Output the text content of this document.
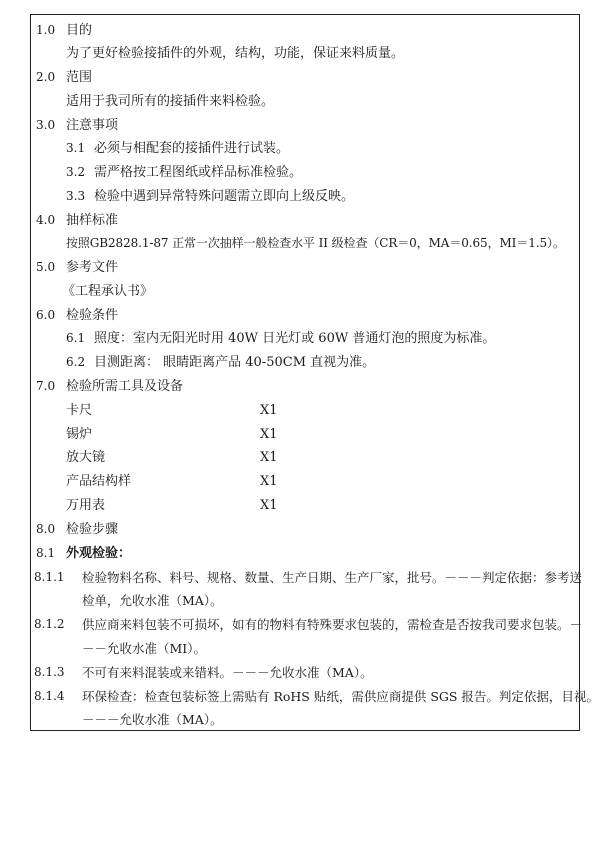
1.0 目的
为了更好检验接插件的外观，结构，功能，保证来料质量。
2.0 范围
适用于我司所有的接插件来料检验。
3.0 注意事项
3.1 必须与相配套的接插件进行试装。
3.2 需严格按工程图纸或样品标准检验。
3.3 检验中遇到异常特殊问题需立即向上级反映。
4.0 抽样标准
按照GB2828.1-87 正常一次抽样一般检查水平 II 级检查（CR＝0，MA＝0.65，MI＝1.5）。
5.0 参考文件
《工程承认书》
6.0 检验条件
6.1 照度：室内无阳光时用 40W 日光灯或 60W 普通灯泡的照度为标准。
6.2 目测距离： 眼睛距离产品 40-50CM 直视为准。
7.0 检验所需工具及设备
卡尺	X1
锡炉	X1
放大镜	X1
产品结构样	X1
万用表	X1
8.0 检验步骤
8.1 外观检验：
8.1.1 检验物料名称、料号、规格、数量、生产日期、生产厂家，批号。－－－判定依据：参考送
检单，允收水准（MA）。
8.1.2 供应商来料包装不可损坏，如有的物料有特殊要求包装的，需检查是否按我司要求包装。－
－－允收水准（MI）。
8.1.3 不可有来料混装或来错料。－－－允收水准（MA）。
8.1.4 环保检查：检查包装标签上需贴有 RoHS 贴纸，需供应商提供 SGS 报告。判定依据，目视。
－－－允收水准（MA）。
